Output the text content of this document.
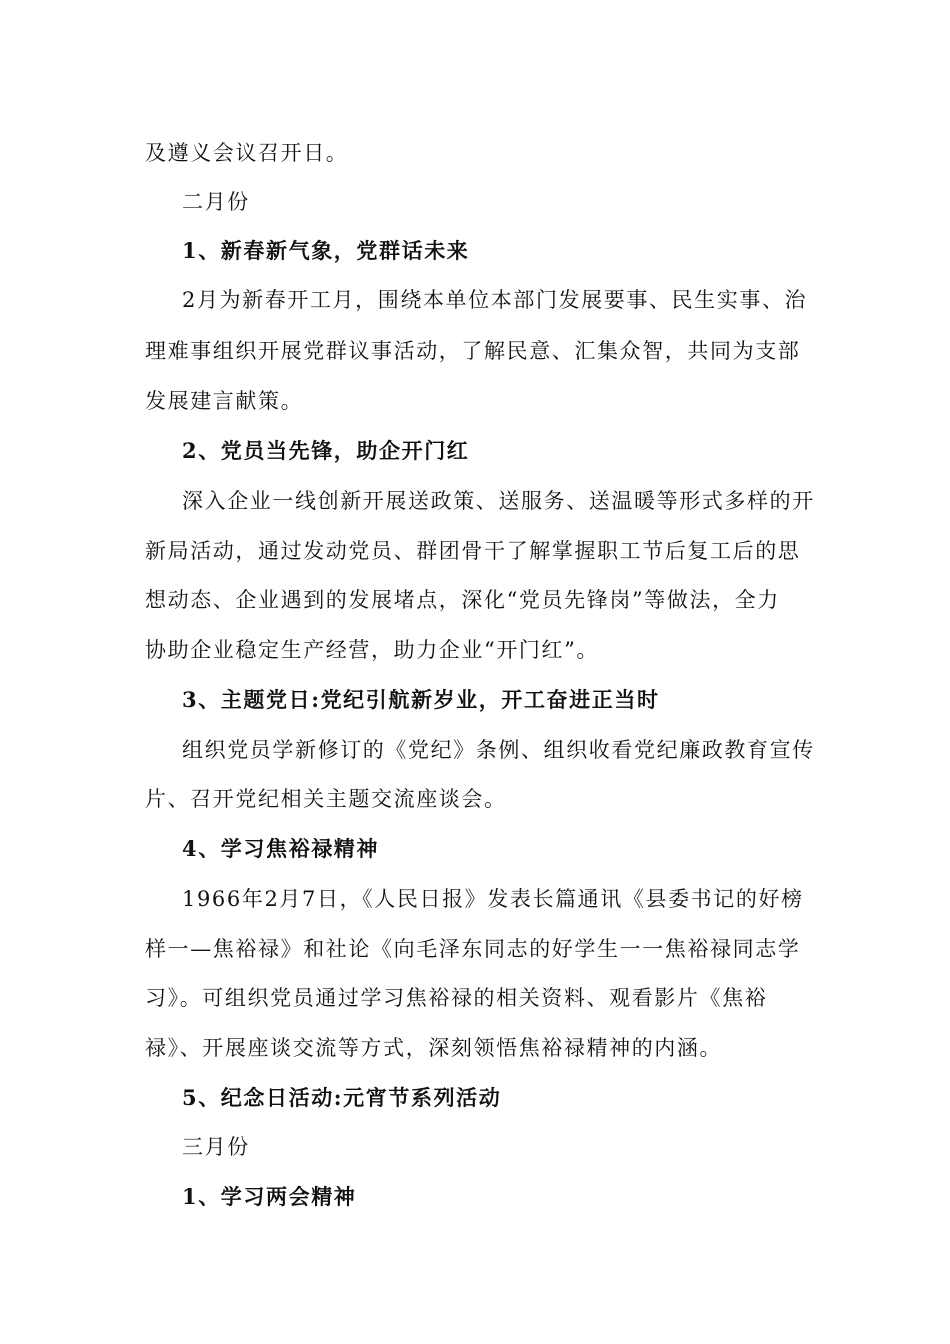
及遵义会议召开日。
二月份
1、新春新气象，党群话未来
2月为新春开工月，围绕本单位本部门发展要事、民生实事、治
理难事组织开展党群议事活动，了解民意、汇集众智，共同为支部
发展建言献策。
2、党员当先锋，助企开门红
深入企业一线创新开展送政策、送服务、送温暖等形式多样的开
新局活动，通过发动党员、群团骨干了解掌握职工节后复工后的思
想动态、企业遇到的发展堵点，深化“党员先锋岗”等做法，全力
协助企业稳定生产经营，助力企业“开门红”。
3、主题党日:党纪引航新岁业，开工奋进正当时
组织党员学新修订的《党纪》条例、组织收看党纪廉政教育宣传
片、召开党纪相关主题交流座谈会。
4、学习焦裕禄精神
1966年2月7日，《人民日报》发表长篇通讯《县委书记的好榜
样一—焦裕禄》和社论《向毛泽东同志的好学生一一焦裕禄同志学
习》。可组织党员通过学习焦裕禄的相关资料、观看影片《焦裕
禄》、开展座谈交流等方式，深刻领悟焦裕禄精神的内涵。
5、纪念日活动:元宵节系列活动
三月份
1、学习两会精神
